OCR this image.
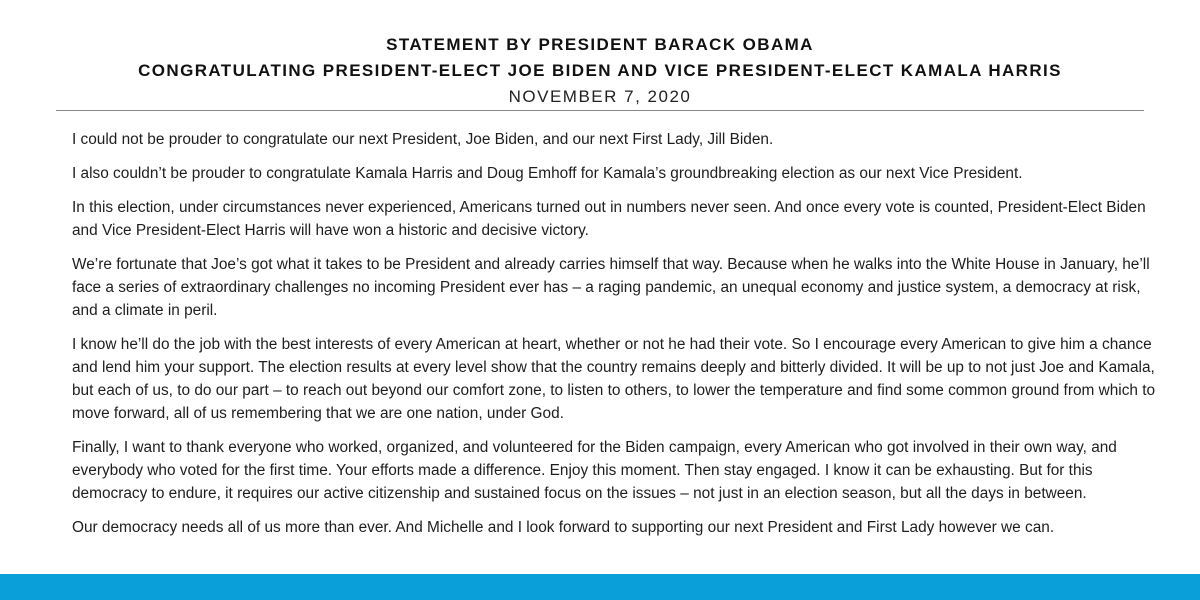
STATEMENT BY PRESIDENT BARACK OBAMA
CONGRATULATING PRESIDENT-ELECT JOE BIDEN AND VICE PRESIDENT-ELECT KAMALA HARRIS
NOVEMBER 7, 2020

I could not be prouder to congratulate our next President, Joe Biden, and our next First Lady, Jill Biden.

I also couldn’t be prouder to congratulate Kamala Harris and Doug Emhoff for Kamala’s groundbreaking election as our next Vice President.

In this election, under circumstances never experienced, Americans turned out in numbers never seen. And once every vote is counted, President-Elect Biden and Vice President-Elect Harris will have won a historic and decisive victory.

We’re fortunate that Joe’s got what it takes to be President and already carries himself that way. Because when he walks into the White House in January, he’ll face a series of extraordinary challenges no incoming President ever has – a raging pandemic, an unequal economy and justice system, a democracy at risk, and a climate in peril.

I know he’ll do the job with the best interests of every American at heart, whether or not he had their vote. So I encourage every American to give him a chance and lend him your support. The election results at every level show that the country remains deeply and bitterly divided. It will be up to not just Joe and Kamala, but each of us, to do our part – to reach out beyond our comfort zone, to listen to others, to lower the temperature and find some common ground from which to move forward, all of us remembering that we are one nation, under God.

Finally, I want to thank everyone who worked, organized, and volunteered for the Biden campaign, every American who got involved in their own way, and everybody who voted for the first time. Your efforts made a difference. Enjoy this moment. Then stay engaged. I know it can be exhausting. But for this democracy to endure, it requires our active citizenship and sustained focus on the issues – not just in an election season, but all the days in between.

Our democracy needs all of us more than ever. And Michelle and I look forward to supporting our next President and First Lady however we can.
